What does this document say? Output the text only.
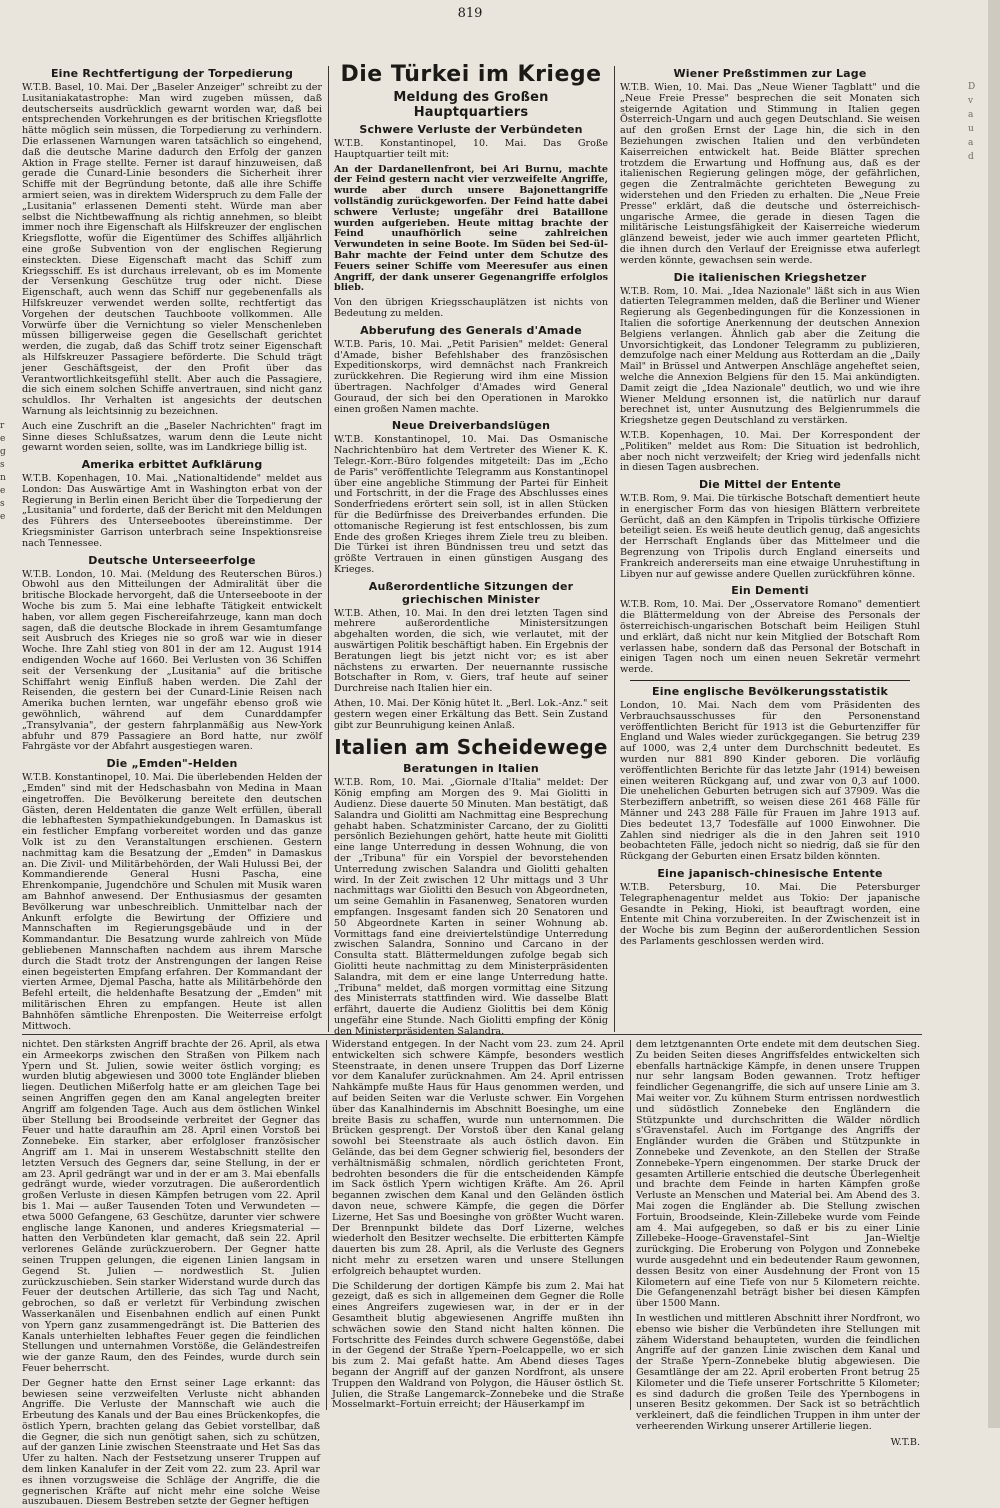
r
e
g
s
n
e
s
e
D
v
a
u
a
d
819
Eine Rechtfertigung der Torpedierung

W.T.B. Basel, 10. Mai. Der „Baseler Anzeiger" schreibt zu der Lusitaniakatastrophe: Man wird zugeben müssen, daß deutscherseits ausdrücklich gewarnt worden war, daß bei entsprechenden Vorkehrungen es der britischen Kriegsflotte hätte möglich sein müssen, die Torpedierung zu verhindern. Die erlassenen Warnungen waren tatsächlich so eingehend, daß die deutsche Marine dadurch den Erfolg der ganzen Aktion in Frage stellte. Ferner ist darauf hinzuweisen, daß gerade die Cunard-Linie besonders die Sicherheit ihrer Schiffe mit der Begründung betonte, daß alle ihre Schiffe armiert seien, was in direktem Widerspruch zu dem Falle der „Lusitania" erlassenen Dementi steht. Würde man aber selbst die Nichtbewaffnung als richtig annehmen, so bleibt immer noch ihre Eigenschaft als Hilfskreuzer der englischen Kriegsflotte, wofür die Eigentümer des Schiffes alljährlich eine große Subvention von der englischen Regierung einsteckten. Diese Eigenschaft macht das Schiff zum Kriegsschiff. Es ist durchaus irrelevant, ob es im Momente der Versenkung Geschütze trug oder nicht. Diese Eigenschaft, auch wenn das Schiff nur gegebenenfalls als Hilfskreuzer verwendet werden sollte, rechtfertigt das Vorgehen der deutschen Tauchboote vollkommen. Alle Vorwürfe über die Vernichtung so vieler Menschenleben müssen billigerweise gegen die Gesellschaft gerichtet werden, die zugab, daß das Schiff trotz seiner Eigenschaft als Hilfskreuzer Passagiere beförderte. Die Schuld trägt jener Geschäftsgeist, der den Profit über das Verantwortlichkeitsgefühl stellt. Aber auch die Passagiere, die sich einem solchen Schiffe anvertrauen, sind nicht ganz schuldlos. Ihr Verhalten ist angesichts der deutschen Warnung als leichtsinnig zu bezeichnen.

Auch eine Zuschrift an die „Baseler Nachrichten" fragt im Sinne dieses Schlußsatzes, warum denn die Leute nicht gewarnt worden seien, sollte, was im Landkriege billig ist.

Amerika erbittet Aufklärung

W.T.B. Kopenhagen, 10. Mai. „Nationaltidende" meldet aus London: Das Auswärtige Amt in Washington erbat von der Regierung in Berlin einen Bericht über die Torpedierung der „Lusitania" und forderte, daß der Bericht mit den Meldungen des Führers des Unterseebootes übereinstimme. Der Kriegsminister Garrison unterbrach seine Inspektionsreise nach Tennessee.

Deutsche Unterseeerfolge

W.T.B. London, 10. Mai. (Meldung des Reuterschen Büros.) Obwohl aus den Mitteilungen der Admiralität über die britische Blockade hervorgeht, daß die Unterseeboote in der Woche bis zum 5. Mai eine lebhafte Tätigkeit entwickelt haben, vor allem gegen Fischereifahrzeuge, kann man doch sagen, daß die deutsche Blockade in ihrem Gesamtumfange seit Ausbruch des Krieges nie so groß war wie in dieser Woche. Ihre Zahl stieg von 801 in der am 12. August 1914 endigenden Woche auf 1660. Bei Verlusten von 36 Schiffen seit der Versenkung der „Lusitania" auf die britische Schiffahrt wenig Einfluß haben werden. Die Zahl der Reisenden, die gestern bei der Cunard-Linie Reisen nach Amerika buchen lernten, war ungefähr ebenso groß wie gewöhnlich, während auf dem Cunarddampfer „Transylvania", der gestern fahrplanmäßig aus New-York abfuhr und 879 Passagiere an Bord hatte, nur zwölf Fahrgäste vor der Abfahrt ausgestiegen waren.

Die „Emden"-Helden

W.T.B. Konstantinopel, 10. Mai. Die überlebenden Helden der „Emden" sind mit der Hedschasbahn von Medina in Maan eingetroffen. Die Bevölkerung bereitete den deutschen Gästen, deren Heldentaten die ganze Welt erfüllen, überall die lebhaftesten Sympathiekundgebungen. In Damaskus ist ein festlicher Empfang vorbereitet worden und das ganze Volk ist zu den Veranstaltungen erschienen. Gestern nachmittag kam die Besatzung der „Emden" in Damaskus an. Die Zivil- und Militärbehörden, der Wali Hulussi Bei, der Kommandierende General Husni Pascha, eine Ehrenkompanie, Jugendchöre und Schulen mit Musik waren am Bahnhof anwesend. Der Enthusiasmus der gesamten Bevölkerung war unbeschreiblich. Unmittelbar nach der Ankunft erfolgte die Bewirtung der Offiziere und Mannschaften im Regierungsgebäude und in der Kommandantur. Die Besatzung wurde zahlreich von Müde gebliebenen Mannschaften nachdem aus ihrem Marsche durch die Stadt trotz der Anstrengungen der langen Reise einen begeisterten Empfang erfahren. Der Kommandant der vierten Armee, Djemal Pascha, hatte als Militärbehörde den Befehl erteilt, die heldenhafte Besatzung der „Emden" mit militärischen Ehren zu empfangen. Heute ist allen Bahnhöfen sämtliche Ehrenposten. Die Weiterreise erfolgt Mittwoch.

Die Türkei im Kriege
Meldung des Großen Hauptquartiers
Schwere Verluste der Verbündeten

W.T.B. Konstantinopel, 10. Mai. Das Große Hauptquartier teilt mit:

An der Dardanellenfront, bei Ari Burnu, machte der Feind gestern nacht vier verzweifelte Angriffe, wurde aber durch unsere Bajonettangriffe vollständig zurückgeworfen. Der Feind hatte dabei schwere Verluste; ungefähr drei Bataillone wurden aufgerieben. Heute mittag brachte der Feind unaufhörlich seine zahlreichen Verwundeten in seine Boote. Im Süden bei Sed-ül-Bahr machte der Feind unter dem Schutze des Feuers seiner Schiffe vom Meeresufer aus einen Angriff, der dank unserer Gegenangriffe erfolglos blieb.

Von den übrigen Kriegsschauplätzen ist nichts von Bedeutung zu melden.

Abberufung des Generals d'Amade

W.T.B. Paris, 10. Mai. „Petit Parisien" meldet: General d'Amade, bisher Befehlshaber des französischen Expeditionskorps, wird demnächst nach Frankreich zurückkehren. Die Regierung wird ihm eine Mission übertragen. Nachfolger d'Amades wird General Gouraud, der sich bei den Operationen in Marokko einen großen Namen machte.

Neue Dreiverbandslügen

W.T.B. Konstantinopel, 10. Mai. Das Osmanische Nachrichtenbüro hat dem Vertreter des Wiener K. K. Telegr.-Korr.-Büro folgendes mitgeteilt: Das im „Echo de Paris" veröffentlichte Telegramm aus Konstantinopel über eine angebliche Stimmung der Partei für Einheit und Fortschritt, in der die Frage des Abschlusses eines Sonderfriedens erörtert sein soll, ist in allen Stücken für die Bedürfnisse des Dreiverbandes erfunden. Die ottomanische Regierung ist fest entschlossen, bis zum Ende des großen Krieges ihrem Ziele treu zu bleiben. Die Türkei ist ihren Bündnissen treu und setzt das größte Vertrauen in einen günstigen Ausgang des Krieges.

Außerordentliche Sitzungen der griechischen Minister

W.T.B. Athen, 10. Mai. In den drei letzten Tagen sind mehrere außerordentliche Ministersitzungen abgehalten worden, die sich, wie verlautet, mit der auswärtigen Politik beschäftigt haben. Ein Ergebnis der Beratungen liegt bis jetzt nicht vor; es ist aber nächstens zu erwarten. Der neuernannte russische Botschafter in Rom, v. Giers, traf heute auf seiner Durchreise nach Italien hier ein.

Athen, 10. Mai. Der König hütet lt. „Berl. Lok.-Anz." seit gestern wegen einer Erkältung das Bett. Sein Zustand gibt zur Beunruhigung keinen Anlaß.

Italien am Scheidewege
Beratungen in Italien

W.T.B. Rom, 10. Mai. „Giornale d'Italia" meldet: Der König empfing am Morgen des 9. Mai Giolitti in Audienz. Diese dauerte 50 Minuten. Man bestätigt, daß Salandra und Giolitti am Nachmittag eine Besprechung gehabt haben. Schatzminister Carcano, der zu Giolitti persönlich Beziehungen gehört, hatte heute mit Giolitti eine lange Unterredung in dessen Wohnung, die von der „Tribuna" für ein Vorspiel der bevorstehenden Unterredung zwischen Salandra und Giolitti gehalten wird. In der Zeit zwischen 12 Uhr mittags und 3 Uhr nachmittags war Giolitti den Besuch von Abgeordneten, um seine Gemahlin in Fasanenweg, Senatoren wurden empfangen. Insgesamt fanden sich 20 Senatoren und 50 Abgeordnete Karten in seiner Wohnung ab. Vormittags fand eine dreiviertelstündige Unterredung zwischen Salandra, Sonnino und Carcano in der Consulta statt. Blättermeldungen zufolge begab sich Giolitti heute nachmittag zu dem Ministerpräsidenten Salandra, mit dem er eine lange Unterredung hatte. „Tribuna" meldet, daß morgen vormittag eine Sitzung des Ministerrats stattfinden wird. Wie dasselbe Blatt erfährt, dauerte die Audienz Giolittis bei dem König ungefähr eine Stunde. Nach Giolitti empfing der König den Ministerpräsidenten Salandra.

Wiener Preßstimmen zur Lage

W.T.B. Wien, 10. Mai. Das „Neue Wiener Tagblatt" und die „Neue Freie Presse" besprechen die seit Monaten sich steigernde Agitation und Stimmung in Italien gegen Österreich-Ungarn und auch gegen Deutschland. Sie weisen auf den großen Ernst der Lage hin, die sich in den Beziehungen zwischen Italien und den verbündeten Kaiserreichen entwickelt hat. Beide Blätter sprechen trotzdem die Erwartung und Hoffnung aus, daß es der italienischen Regierung gelingen möge, der gefährlichen, gegen die Zentralmächte gerichteten Bewegung zu widerstehen und den Frieden zu erhalten. Die „Neue Freie Presse" erklärt, daß die deutsche und österreichisch-ungarische Armee, die gerade in diesen Tagen die militärische Leistungsfähigkeit der Kaiserreiche wiederum glänzend beweist, jeder wie auch immer gearteten Pflicht, die ihnen durch den Verlauf der Ereignisse etwa auferlegt werden könnte, gewachsen sein werde.

Die italienischen Kriegshetzer

W.T.B. Rom, 10. Mai. „Idea Nazionale" läßt sich in aus Wien datierten Telegrammen melden, daß die Berliner und Wiener Regierung als Gegenbedingungen für die Konzessionen in Italien die sofortige Anerkennung der deutschen Annexion Belgiens verlangen. Ähnlich gab aber die Zeitung die Unvorsichtigkeit, das Londoner Telegramm zu publizieren, demzufolge nach einer Meldung aus Rotterdam an die „Daily Mail" in Brüssel und Antwerpen Anschläge angeheftet seien, welche die Annexion Belgiens für den 15. Mai ankündigten. Damit zeigt die „Idea Nazionale" deutlich, wo und wie ihre Wiener Meldung ersonnen ist, die natürlich nur darauf berechnet ist, unter Ausnutzung des Belgienrummels die Kriegshetze gegen Deutschland zu verstärken.

W.T.B. Kopenhagen, 10. Mai. Der Korrespondent der „Politiken" meldet aus Rom: Die Situation ist bedrohlich, aber noch nicht verzweifelt; der Krieg wird jedenfalls nicht in diesen Tagen ausbrechen.

Die Mittel der Entente

W.T.B. Rom, 9. Mai. Die türkische Botschaft dementiert heute in energischer Form das von hiesigen Blättern verbreitete Gerücht, daß an den Kämpfen in Tripolis türkische Offiziere beteiligt seien. Es weiß heute deutlich genug, daß angesichts der Herrschaft Englands über das Mittelmeer und die Begrenzung von Tripolis durch England einerseits und Frankreich andererseits man eine etwaige Unruhestiftung in Libyen nur auf gewisse andere Quellen zurückführen könne.

Ein Dementi

W.T.B. Rom, 10. Mai. Der „Osservatore Romano" dementiert die Blättermeldung von der Abreise des Personals der österreichisch-ungarischen Botschaft beim Heiligen Stuhl und erklärt, daß nicht nur kein Mitglied der Botschaft Rom verlassen habe, sondern daß das Personal der Botschaft in einigen Tagen noch um einen neuen Sekretär vermehrt werde.

Eine englische Bevölkerungsstatistik

London, 10. Mai. Nach dem vom Präsidenten des Verbrauchsausschusses für den Personenstand veröffentlichten Bericht für 1913 ist die Geburtenziffer für England und Wales wieder zurückgegangen. Sie betrug 239 auf 1000, was 2,4 unter dem Durchschnitt bedeutet. Es wurden nur 881 890 Kinder geboren. Die vorläufig veröffentlichten Berichte für das letzte Jahr (1914) beweisen einen weiteren Rückgang auf, und zwar von 0,3 auf 1000. Die unehelichen Geburten betrugen sich auf 37909. Was die Sterbeziffern anbetrifft, so weisen diese 261 468 Fälle für Männer und 243 288 Fälle für Frauen im Jahre 1913 auf. Dies bedeutet 13,7 Todesfälle auf 1000 Einwohner. Die Zahlen sind niedriger als die in den Jahren seit 1910 beobachteten Fälle, jedoch nicht so niedrig, daß sie für den Rückgang der Geburten einen Ersatz bilden könnten.

Eine japanisch-chinesische Entente

W.T.B. Petersburg, 10. Mai. Die Petersburger Telegraphenagentur meldet aus Tokio: Der japanische Gesandte in Peking, Hioki, ist beauftragt worden, eine Entente mit China vorzubereiten. In der Zwischenzeit ist in der Woche bis zum Beginn der außerordentlichen Session des Parlaments geschlossen werden wird.

nichtet. Den stärksten Angriff brachte der 26. April, als etwa ein Armeekorps zwischen den Straßen von Pilkem nach Ypern und St. Julien, sowie weiter östlich vorging; es wurden blutig abgewiesen und 3000 tote Engländer blieben liegen. Deutlichen Mißerfolg hatte er am gleichen Tage bei seinen Angriffen gegen den am Kanal angelegten breiter Angriff am folgenden Tage. Auch aus dem östlichen Winkel über Stellung bei Broodseinde verbreitet der Gegner das Feuer und hatte daraufhin am 28. April einen Vorstoß bei Zonnebeke. Ein starker, aber erfolgloser französischer Angriff am 1. Mai in unserem Westabschnitt stellte den letzten Versuch des Gegners dar, seine Stellung, in der er am 23. April gedrängt war und in der er am 3. Mai ebenfalls gedrängt wurde, wieder vorzutragen. Die außerordentlich großen Verluste in diesen Kämpfen betrugen vom 22. April bis 1. Mai — außer Tausenden Toten und Verwundeten — etwa 5000 Gefangene, 63 Geschütze, darunter vier schwere englische lange Kanonen, und anderes Kriegsmaterial — hatten den Verbündeten klar gemacht, daß sein 22. April verlorenes Gelände zurückzuerobern. Der Gegner hatte seinen Truppen gelungen, die eigenen Linien langsam in Gegend St. Julien — nordwestlich St. Julien zurückzuschieben. Sein starker Widerstand wurde durch das Feuer der deutschen Artillerie, das sich Tag und Nacht, gebrochen, so daß er verletzt für Verbindung zwischen Wasserkanälen und Eisenbahnen endlich auf einen Punkt von Ypern ganz zusammengedrängt ist. Die Batterien des Kanals unterhielten lebhaftes Feuer gegen die feindlichen Stellungen und unternahmen Vorstöße, die Geländestreifen wie der ganze Raum, den des Feindes, wurde durch sein Feuer beherrscht.

Der Gegner hatte den Ernst seiner Lage erkannt: das bewiesen seine verzweifelten Verluste nicht abhanden Angriffe. Die Verluste der Mannschaft wie auch die Erbeutung des Kanals und der Bau eines Brückenkopfes, die östlich Ypern, brachten gelang das Gebiet vorstellbar, daß die Gegner, die sich nun genötigt sahen, sich zu schützen, auf der ganzen Linie zwischen Steenstraate und Het Sas das Ufer zu halten. Nach der Festsetzung unserer Truppen auf dem linken Kanalufer in der Zeit vom 22. zum 23. April war es ihnen vorzugsweise die Schläge der Angriffe, die die gegnerischen Kräfte auf nicht mehr eine solche Weise auszubauen. Diesem Bestreben setzte der Gegner heftigen

Widerstand entgegen. In der Nacht vom 23. zum 24. April entwickelten sich schwere Kämpfe, besonders westlich Steenstraate, in denen unsere Truppen das Dorf Lizerne vor dem Kanalufer zurücknahmen. Am 24. April entrissen Nahkämpfe mußte Haus für Haus genommen werden, und auf beiden Seiten war die Verluste schwer. Ein Vorgehen über das Kanalhindernis im Abschnitt Boesinghe, um eine breite Basis zu schaffen, wurde nun unternommen. Die Brücken gesprengt. Der Vorstoß über den Kanal gelang sowohl bei Steenstraate als auch östlich davon. Ein Gelände, das bei dem Gegner schwierig fiel, besonders der verhältnismäßig schmalen, nördlich gerichteten Front, bedrohten besonders die für die entscheidenden Kämpfe im Sack östlich Ypern wichtigen Kräfte. Am 26. April begannen zwischen dem Kanal und den Geländen östlich davon neue, schwere Kämpfe, die gegen die Dörfer Lizerne, Het Sas und Boesinghe von größter Wucht waren. Der Brennpunkt bildete das Dorf Lizerne, welches wiederholt den Besitzer wechselte. Die erbitterten Kämpfe dauerten bis zum 28. April, als die Verluste des Gegners nicht mehr zu ersetzen waren und unsere Stellungen erfolgreich behauptet wurden.

Die Schilderung der dortigen Kämpfe bis zum 2. Mai hat gezeigt, daß es sich in allgemeinen dem Gegner die Rolle eines Angreifers zugewiesen war, in der er in der Gesamtheit blutig abgewiesenen Angriffe mußten ihn schwächen sowie den Stand nicht halten können. Die Fortschritte des Feindes durch schwere Gegenstöße, dabei in der Gegend der Straße Ypern–Poelcappelle, wo er sich bis zum 2. Mai gefaßt hatte. Am Abend dieses Tages begann der Angriff auf der ganzen Nordfront, als unsere Truppen den Waldrand von Polygon, die Häuser östlich St. Julien, die Straße Langemarck–Zonnebeke und die Straße Mosselmarkt–Fortuin erreicht; der Häuserkampf im

dem letztgenannten Orte endete mit dem deutschen Sieg. Zu beiden Seiten dieses Angriffsfeldes entwickelten sich ebenfalls hartnäckige Kämpfe, in denen unsere Truppen nur sehr langsam Boden gewannen. Trotz heftiger feindlicher Gegenangriffe, die sich auf unsere Linie am 3. Mai weiter vor. Zu kühnem Sturm entrissen nordwestlich und südöstlich Zonnebeke den Engländern die Stützpunkte und durchschritten die Wälder nördlich s'Gravenstafel. Auch im Fortgange des Angriffs der Engländer wurden die Gräben und Stützpunkte in Zonnebeke und Zevenkote, an den Stellen der Straße Zonnebeke–Ypern eingenommen. Der starke Druck der gesamten Artillerie entschied die deutsche Überlegenheit und brachte dem Feinde in harten Kämpfen große Verluste an Menschen und Material bei. Am Abend des 3. Mai zogen die Engländer ab. Die Stellung zwischen Fortuin, Broodseinde, Klein-Zillebeke wurde vom Feinde am 4. Mai aufgegeben, so daß er bis zu einer Linie Zillebeke–Hooge–Gravenstafel–Sint Jan–Wieltje zurückging. Die Eroberung von Polygon und Zonnebeke wurde ausgedehnt und ein bedeutender Raum gewonnen, dessen Besitz von einer Ausdehnung der Front von 15 Kilometern auf eine Tiefe von nur 5 Kilometern reichte. Die Gefangenenzahl beträgt bisher bei diesen Kämpfen über 1500 Mann.

In westlichen und mittleren Abschnitt ihrer Nordfront, wo ebenso wie bisher die Verbündeten ihre Stellungen mit zähem Widerstand behaupteten, wurden die feindlichen Angriffe auf der ganzen Linie zwischen dem Kanal und der Straße Ypern–Zonnebeke blutig abgewiesen. Die Gesamtlänge der am 22. April eroberten Front betrug 25 Kilometer und die Tiefe unserer Fortschritte 5 Kilometer; es sind dadurch die großen Teile des Ypernbogens in unseren Besitz gekommen. Der Sack ist so beträchtlich verkleinert, daß die feindlichen Truppen in ihm unter der verheerenden Wirkung unserer Artillerie liegen.

W.T.B.
